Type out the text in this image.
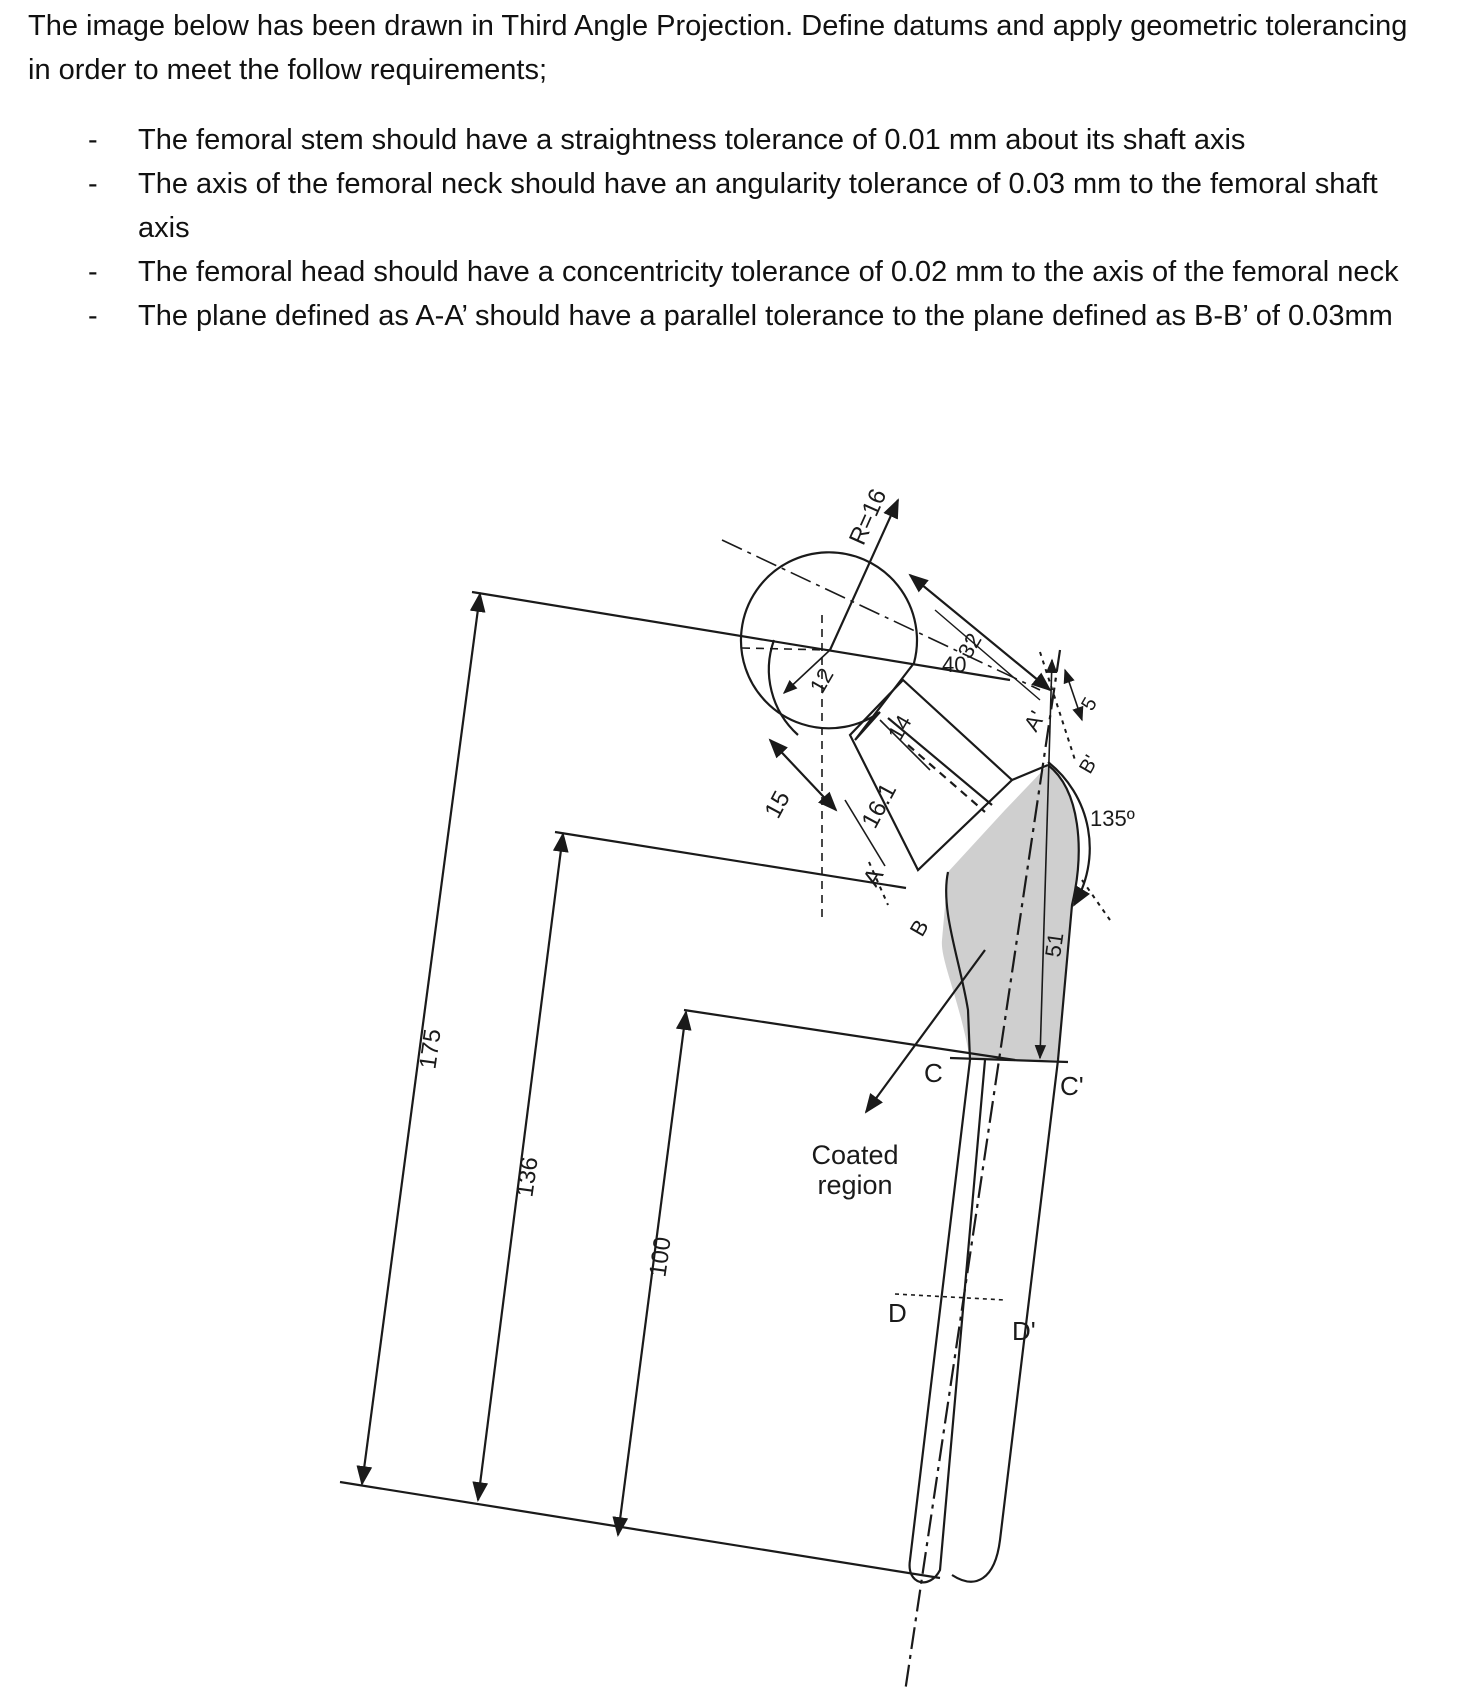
The image below has been drawn in Third Angle Projection. Define datums and apply geometric tolerancing in order to meet the follow requirements;
- The femoral stem should have a straightness tolerance of 0.01 mm about its shaft axis
- The axis of the femoral neck should have an angularity tolerance of 0.03 mm to the femoral shaft axis
- The femoral head should have a concentricity tolerance of 0.02 mm to the axis of the femoral neck
- The plane defined as A-A’ should have a parallel tolerance to the plane defined as B-B’ of 0.03mm
175
136
100
R=16
40
32
12
14
15	16.1
51
5
135º
A
A'
B
B'
C	C'
D
D'
Coated
region
